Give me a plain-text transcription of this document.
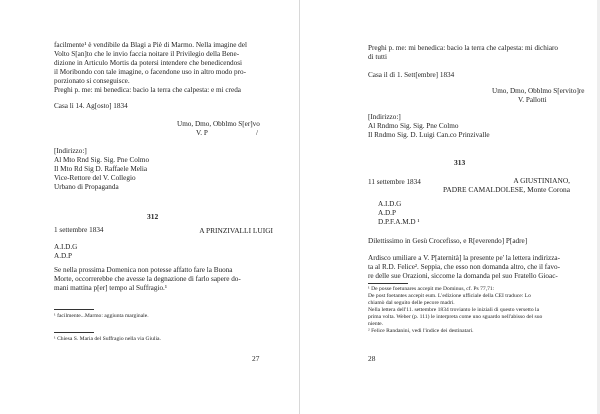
facilmente¹ è vendibile da Blagi a Piè di Marmo. Nella imagine del
Volto S[an]to che le invio faccia noitare il Privilegio della Bene-
dizione in Articulo Mortis da potersi intendere che benedicendosi
il Moribondo con tale imagine, o facendone uso in altro modo pro-
porzionato si conseguisce.
Preghi p. me: mi benedica: bacio la terra che calpesta: e mi creda
Casa lì 14. Ag[osto] 1834
Umo, Dmo, Obblmo S[er]vo
V. P	/
[Indirizzo:]
Al Mto Rnd Sig. Sig. Pne Colmo
Il Mto Rd Sig D. Raffaele Melia
Vice-Rettore del V. Collegio
Urbano di Propaganda
312
1 settembre 1834	A PRINZIVALLI LUIGI
A.I.D.G
A.D.P
Se nella prossima Domenica non potesse affatto fare la Buona
Morte, occorrerebbe che avesse la degnazione di farlo sapere do-
mani mattina p[er] tempo al Suffragio.¹
¹ facilmente...Marmo: aggiunta marginale.
¹ Chiesa S. Maria del Suffragio nella via Giulia.
27
Preghi p. me: mi benedica: bacio la terra che calpesta: mi dichiaro
di tutti
Casa il dì 1. Sett[embre] 1834
Umo, Dmo, Obblmo S[ervito]re
V. Pallotti
[Indirizzo:]
Al Rndmo Sig. Sig. Pne Colmo
Il Rndmo Sig. D. Luigi Can.co Prinzivalle
313
11 settembre 1834	A GIUSTINIANO,
PADRE CAMALDOLESE, Monte Corona
A.I.D.G
A.D.P
D.P.F.A.M.D ¹
Dilettissimo in Gesù Crocefisso, e R[everendo] P[adre]
Ardisco umiliare a V. P[aternità] la presente pe' la lettera indirizza-
ta al R.D. Felice². Seppia, che esso non domanda altro, che il favo-
re delle sue Orazioni, siccome la domanda pel suo Fratello Gioac-
¹ De posse foetunares accepit me Dominus, cf. Ps 77,71:
De post foetantes accepit eum. L'edizione ufficiale della CEI traduce: Lo
chiamò dal seguito delle pecore madri.
Nella lettera dell'11. settembre 1834 trovianto le iniziali di questo versetto la
prima volta. Weber (p. 111) le interpreta come uno sguardo nell'abisso del suo
niente.
² Felice Randanini, vedi l'indice dei destinatari.
28
